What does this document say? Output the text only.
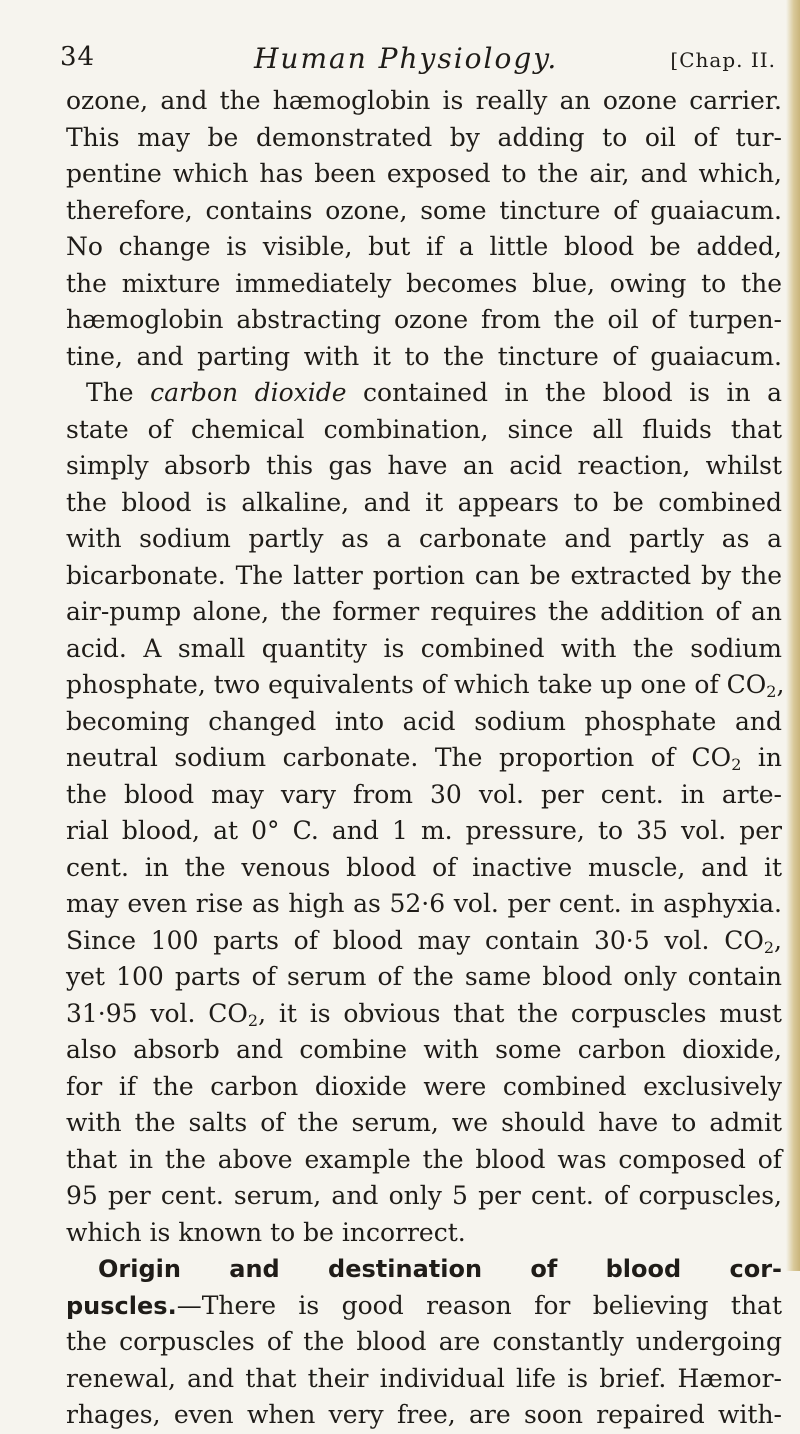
34	Human Physiology.	[Chap. II.
ozone, and the hæmoglobin is really an ozone carrier.
This may be demonstrated by adding to oil of tur-
pentine which has been exposed to the air, and which,
therefore, contains ozone, some tincture of guaiacum.
No change is visible, but if a little blood be added,
the mixture immediately becomes blue, owing to the
hæmoglobin abstracting ozone from the oil of turpen-
tine, and parting with it to the tincture of guaiacum.
The carbon dioxide contained in the blood is in a
state of chemical combination, since all fluids that
simply absorb this gas have an acid reaction, whilst
the blood is alkaline, and it appears to be combined
with sodium partly as a carbonate and partly as a
bicarbonate. The latter portion can be extracted by the
air-pump alone, the former requires the addition of an
acid. A small quantity is combined with the sodium
phosphate, two equivalents of which take up one of $CO_2$,
becoming changed into acid sodium phosphate and
neutral sodium carbonate. The proportion of $CO_2$ in
the blood may vary from 30 vol. per cent. in arte-
rial blood, at 0° C. and 1 m. pressure, to 35 vol. per
cent. in the venous blood of inactive muscle, and it
may even rise as high as 52·6 vol. per cent. in asphyxia.
Since 100 parts of blood may contain 30·5 vol. $CO_2$,
yet 100 parts of serum of the same blood only contain
31·95 vol. $CO_2$, it is obvious that the corpuscles must
also absorb and combine with some carbon dioxide,
for if the carbon dioxide were combined exclusively
with the salts of the serum, we should have to admit
that in the above example the blood was composed of
95 per cent. serum, and only 5 per cent. of corpuscles,
which is known to be incorrect.
Origin and destination of blood cor-
puscles.—There is good reason for believing that
the corpuscles of the blood are constantly undergoing
renewal, and that their individual life is brief. Hæmor-
rhages, even when very free, are soon repaired with-
